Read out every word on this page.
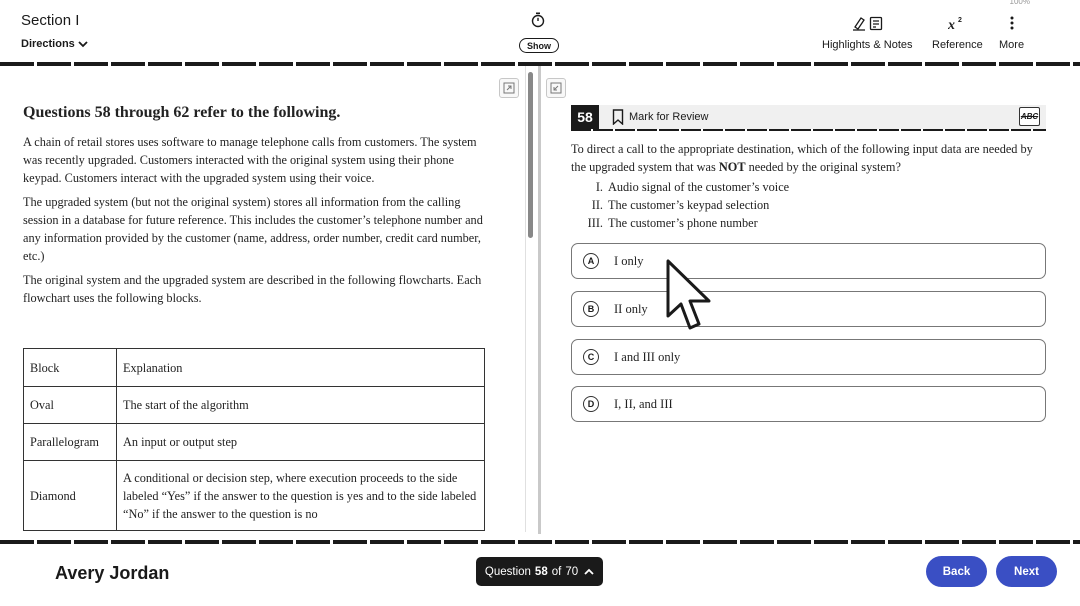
100%
Section I
Directions	Show	Highlights & Notes
x 2
Reference More
Questions 58 through 62 refer to the following.

A chain of retail stores uses software to manage telephone calls from customers. The system was recently upgraded. Customers interacted with the original system using their phone keypad. Customers interact with the upgraded system using their voice.

The upgraded system (but not the original system) stores all information from the calling session in a database for future reference. This includes the customer’s telephone number and any information provided by the customer (name, address, order number, credit card number, etc.)

The original system and the upgraded system are described in the following flowcharts. Each flowchart uses the following blocks.

Block	Explanation
Oval	The start of the algorithm
Parallelogram	An input or output step
Diamond	A conditional or decision step, where execution proceeds to the side labeled “Yes” if the answer to the question is yes and to the side labeled “No” if the answer to the question is no
58	Mark for Review	ABC
To direct a call to the appropriate destination, which of the following input data are needed by the upgraded system that was NOT needed by the original system?
I. Audio signal of the customer’s voice
II. The customer’s keypad selection
III. The customer’s phone number
A	I only
B	II only
C	I and III only
D	I, II, and III
Avery Jordan	Question 58 of 70	Back	Next
